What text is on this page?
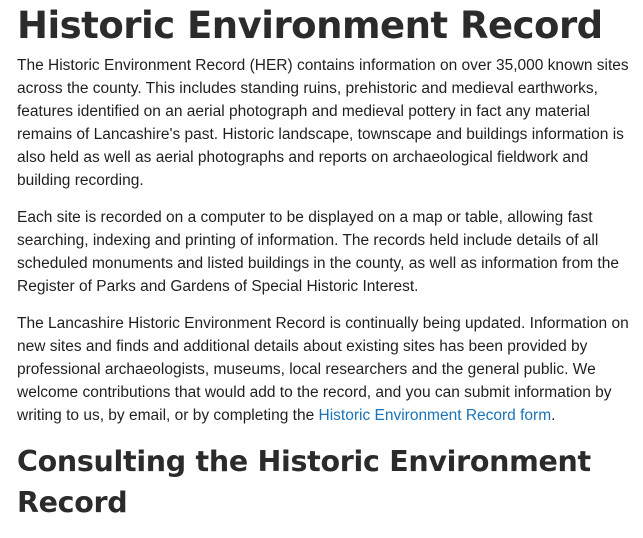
Historic Environment Record

The Historic Environment Record (HER) contains information on over 35,000 known sites across the county. This includes standing ruins, prehistoric and medieval earthworks, features identified on an aerial photograph and medieval pottery in fact any material remains of Lancashire's past. Historic landscape, townscape and buildings information is also held as well as aerial photographs and reports on archaeological fieldwork and building recording.

Each site is recorded on a computer to be displayed on a map or table, allowing fast searching, indexing and printing of information. The records held include details of all scheduled monuments and listed buildings in the county, as well as information from the Register of Parks and Gardens of Special Historic Interest.

The Lancashire Historic Environment Record is continually being updated. Information on new sites and finds and additional details about existing sites has been provided by professional archaeologists, museums, local researchers and the general public. We welcome contributions that would add to the record, and you can submit information by writing to us, by email, or by completing the Historic Environment Record form.

Consulting the Historic Environment Record
